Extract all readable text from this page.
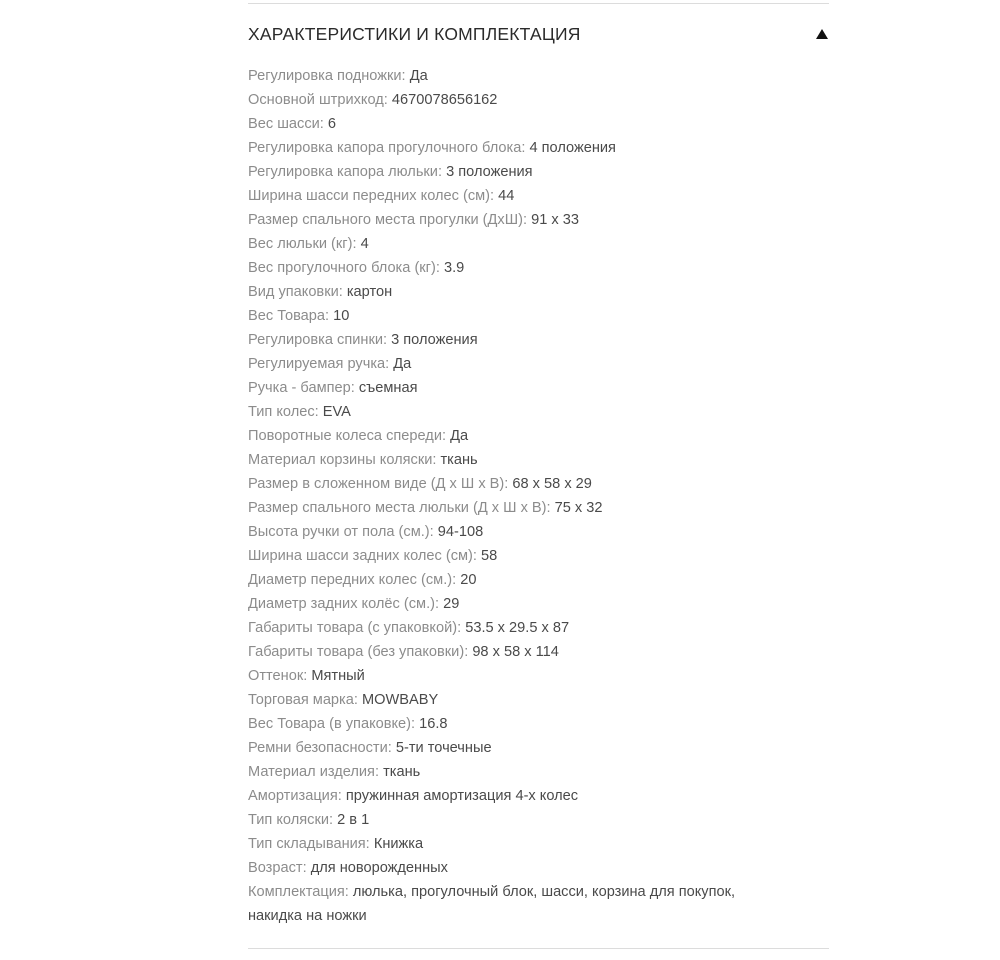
ХАРАКТЕРИСТИКИ И КОМПЛЕКТАЦИЯ
Регулировка подножки: Да
Основной штрихкод: 4670078656162
Вес шасси: 6
Регулировка капора прогулочного блока: 4 положения
Регулировка капора люльки: 3 положения
Ширина шасси передних колес (см): 44
Размер спального места прогулки (ДхШ): 91 х 33
Вес люльки (кг): 4
Вес прогулочного блока (кг): 3.9
Вид упаковки: картон
Вес Товара: 10
Регулировка спинки: 3 положения
Регулируемая ручка: Да
Ручка - бампер: съемная
Тип колес: EVA
Поворотные колеса спереди: Да
Материал корзины коляски: ткань
Размер в сложенном виде (Д х Ш х В): 68 х 58 х 29
Размер спального места люльки (Д х Ш х В): 75 х 32
Высота ручки от пола (см.): 94-108
Ширина шасси задних колес (см): 58
Диаметр передних колес (см.): 20
Диаметр задних колёс (см.): 29
Габариты товара (с упаковкой): 53.5 х 29.5 х 87
Габариты товара (без упаковки): 98 х 58 х 114
Оттенок: Мятный
Торговая марка: MOWBABY
Вес Товара (в упаковке): 16.8
Ремни безопасности: 5-ти точечные
Материал изделия: ткань
Амортизация: пружинная амортизация 4-х колес
Тип коляски: 2 в 1
Тип складывания: Книжка
Возраст: для новорожденных
Комплектация: люлька, прогулочный блок, шасси, корзина для покупок, накидка на ножки
